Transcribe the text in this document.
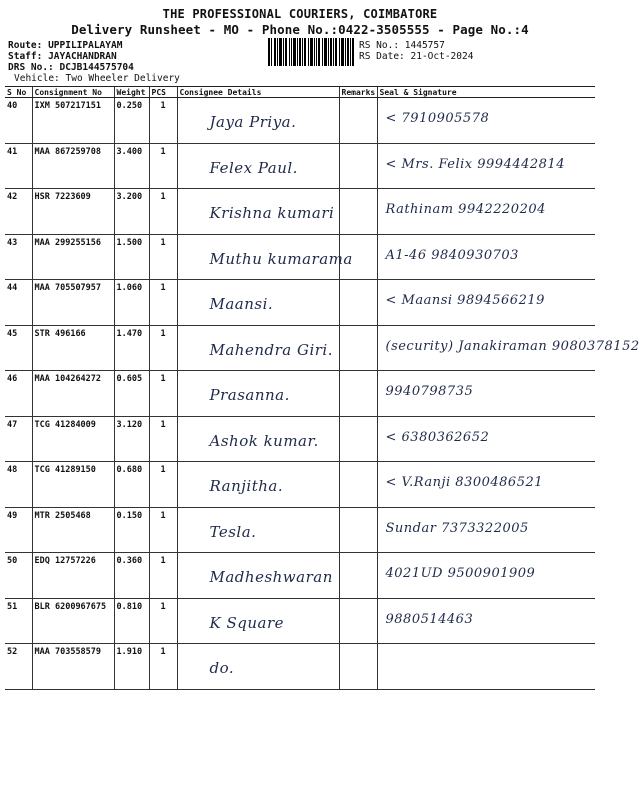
THE PROFESSIONAL COURIERS, COIMBATORE
Delivery Runsheet - MO - Phone No.:0422-3505555 - Page No.:4
Route: UPPILIPALAYAM
Staff: JAYACHANDRAN
DRS No.: DCJB144575704
Vehicle: Two Wheeler Delivery
RS No.: 1445757
RS Date: 21-Oct-2024
S No	Consignment No	Weight	PCS	Consignee Details	Remarks	Seal & Signature
40	IXM 507217151	0.250	1	Jaya Priya.		< 7910905578

41	MAA 867259708	3.400	1	Felex Paul.		< Mrs. Felix 9994442814

42	HSR 7223609	3.200	1	Krishna kumari		Rathinam 9942220204

43	MAA 299255156	1.500	1	Muthu kumarama		A1-46 9840930703

44	MAA 705507957	1.060	1	Maansi.		< Maansi 9894566219

45	STR 496166	1.470	1	Mahendra Giri.		(security) Janakiraman 9080378152

46	MAA 104264272	0.605	1	Prasanna.		9940798735

47	TCG 41284009	3.120	1	Ashok kumar.		< 6380362652

48	TCG 41289150	0.680	1	Ranjitha.		< V.Ranji 8300486521

49	MTR 2505468	0.150	1	Tesla.		Sundar 7373322005

50	EDQ 12757226	0.360	1	Madheshwaran		4021UD 9500901909

51	BLR 6200967675	0.810	1	K Square		9880514463

52	MAA 703558579	1.910	1	do.		
